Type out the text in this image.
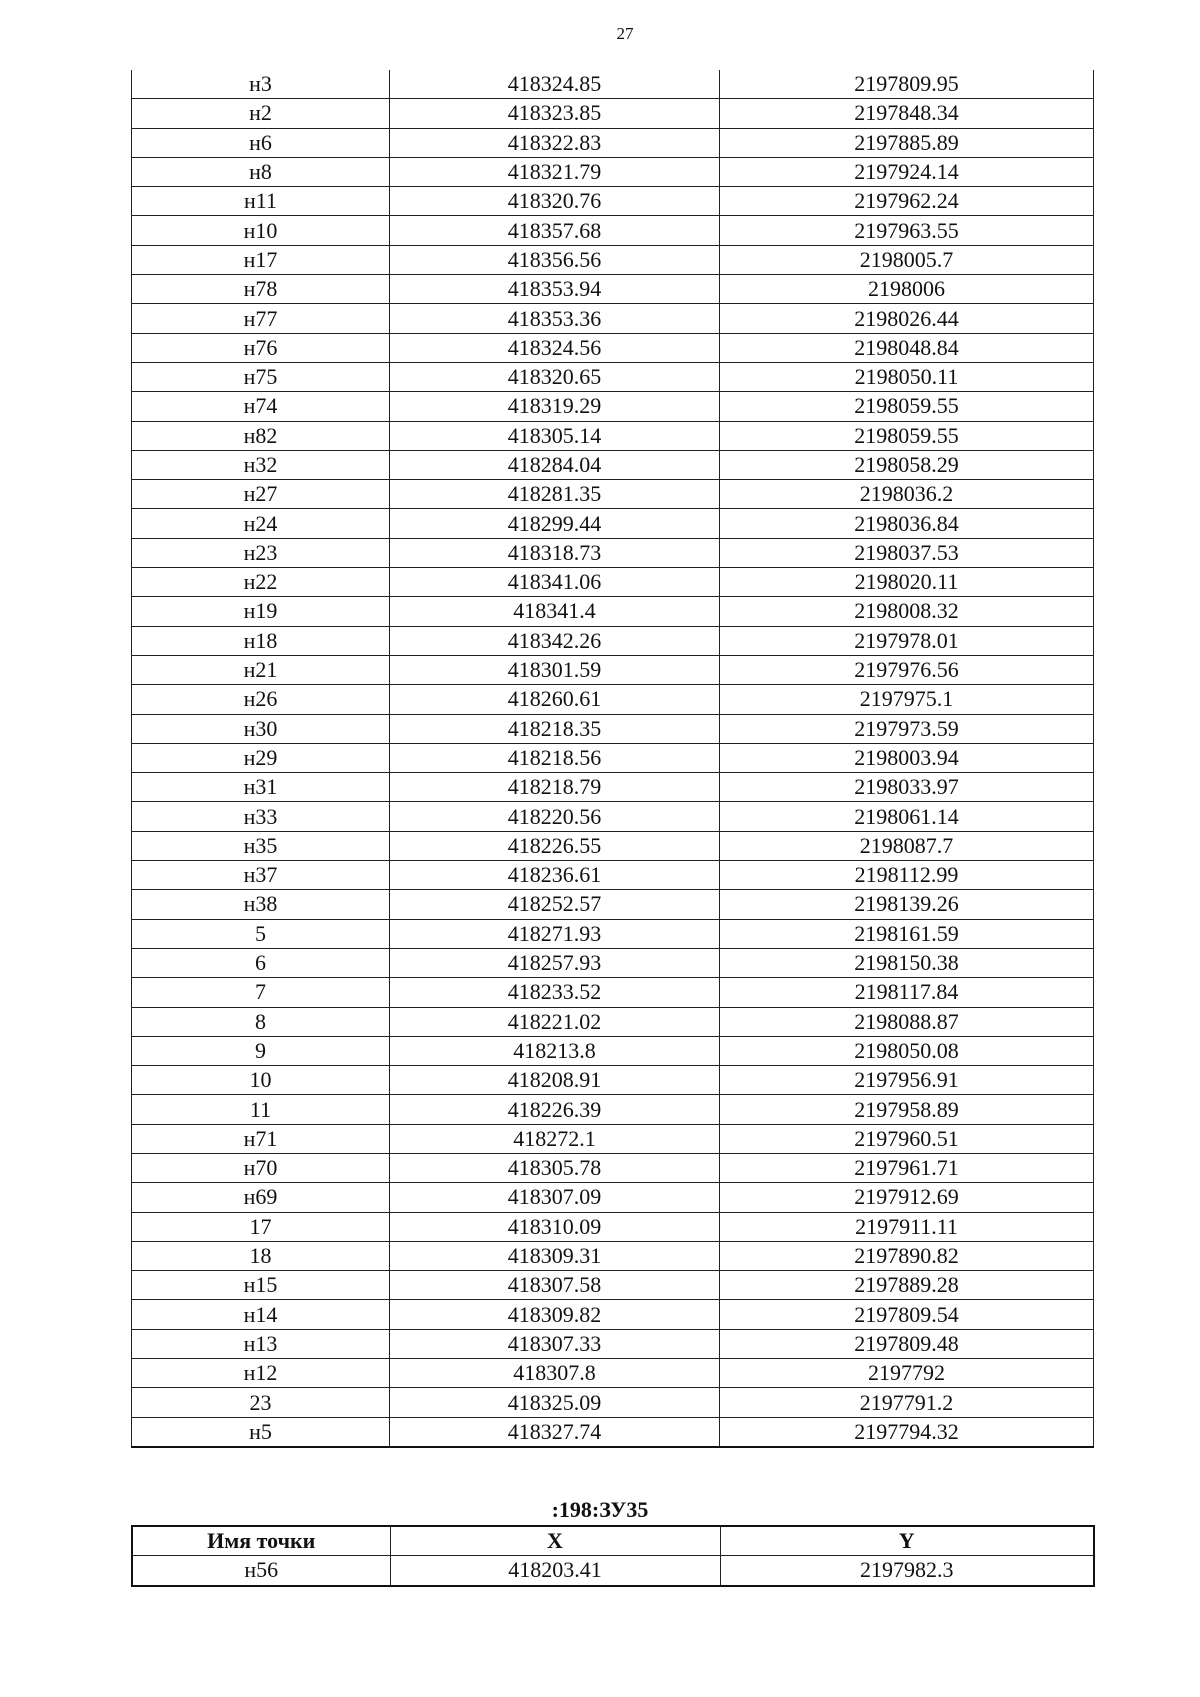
27
н3	418324.85	2197809.95
н2	418323.85	2197848.34
н6	418322.83	2197885.89
н8	418321.79	2197924.14
н11	418320.76	2197962.24
н10	418357.68	2197963.55
н17	418356.56	2198005.7
н78	418353.94	2198006
н77	418353.36	2198026.44
н76	418324.56	2198048.84
н75	418320.65	2198050.11
н74	418319.29	2198059.55
н82	418305.14	2198059.55
н32	418284.04	2198058.29
н27	418281.35	2198036.2
н24	418299.44	2198036.84
н23	418318.73	2198037.53
н22	418341.06	2198020.11
н19	418341.4	2198008.32
н18	418342.26	2197978.01
н21	418301.59	2197976.56
н26	418260.61	2197975.1
н30	418218.35	2197973.59
н29	418218.56	2198003.94
н31	418218.79	2198033.97
н33	418220.56	2198061.14
н35	418226.55	2198087.7
н37	418236.61	2198112.99
н38	418252.57	2198139.26
5	418271.93	2198161.59
6	418257.93	2198150.38
7	418233.52	2198117.84
8	418221.02	2198088.87
9	418213.8	2198050.08
10	418208.91	2197956.91
11	418226.39	2197958.89
н71	418272.1	2197960.51
н70	418305.78	2197961.71
н69	418307.09	2197912.69
17	418310.09	2197911.11
18	418309.31	2197890.82
н15	418307.58	2197889.28
н14	418309.82	2197809.54
н13	418307.33	2197809.48
н12	418307.8	2197792
23	418325.09	2197791.2
н5	418327.74	2197794.32
:198:ЗУ35
Имя точки	X	Y
н56	418203.41	2197982.3
